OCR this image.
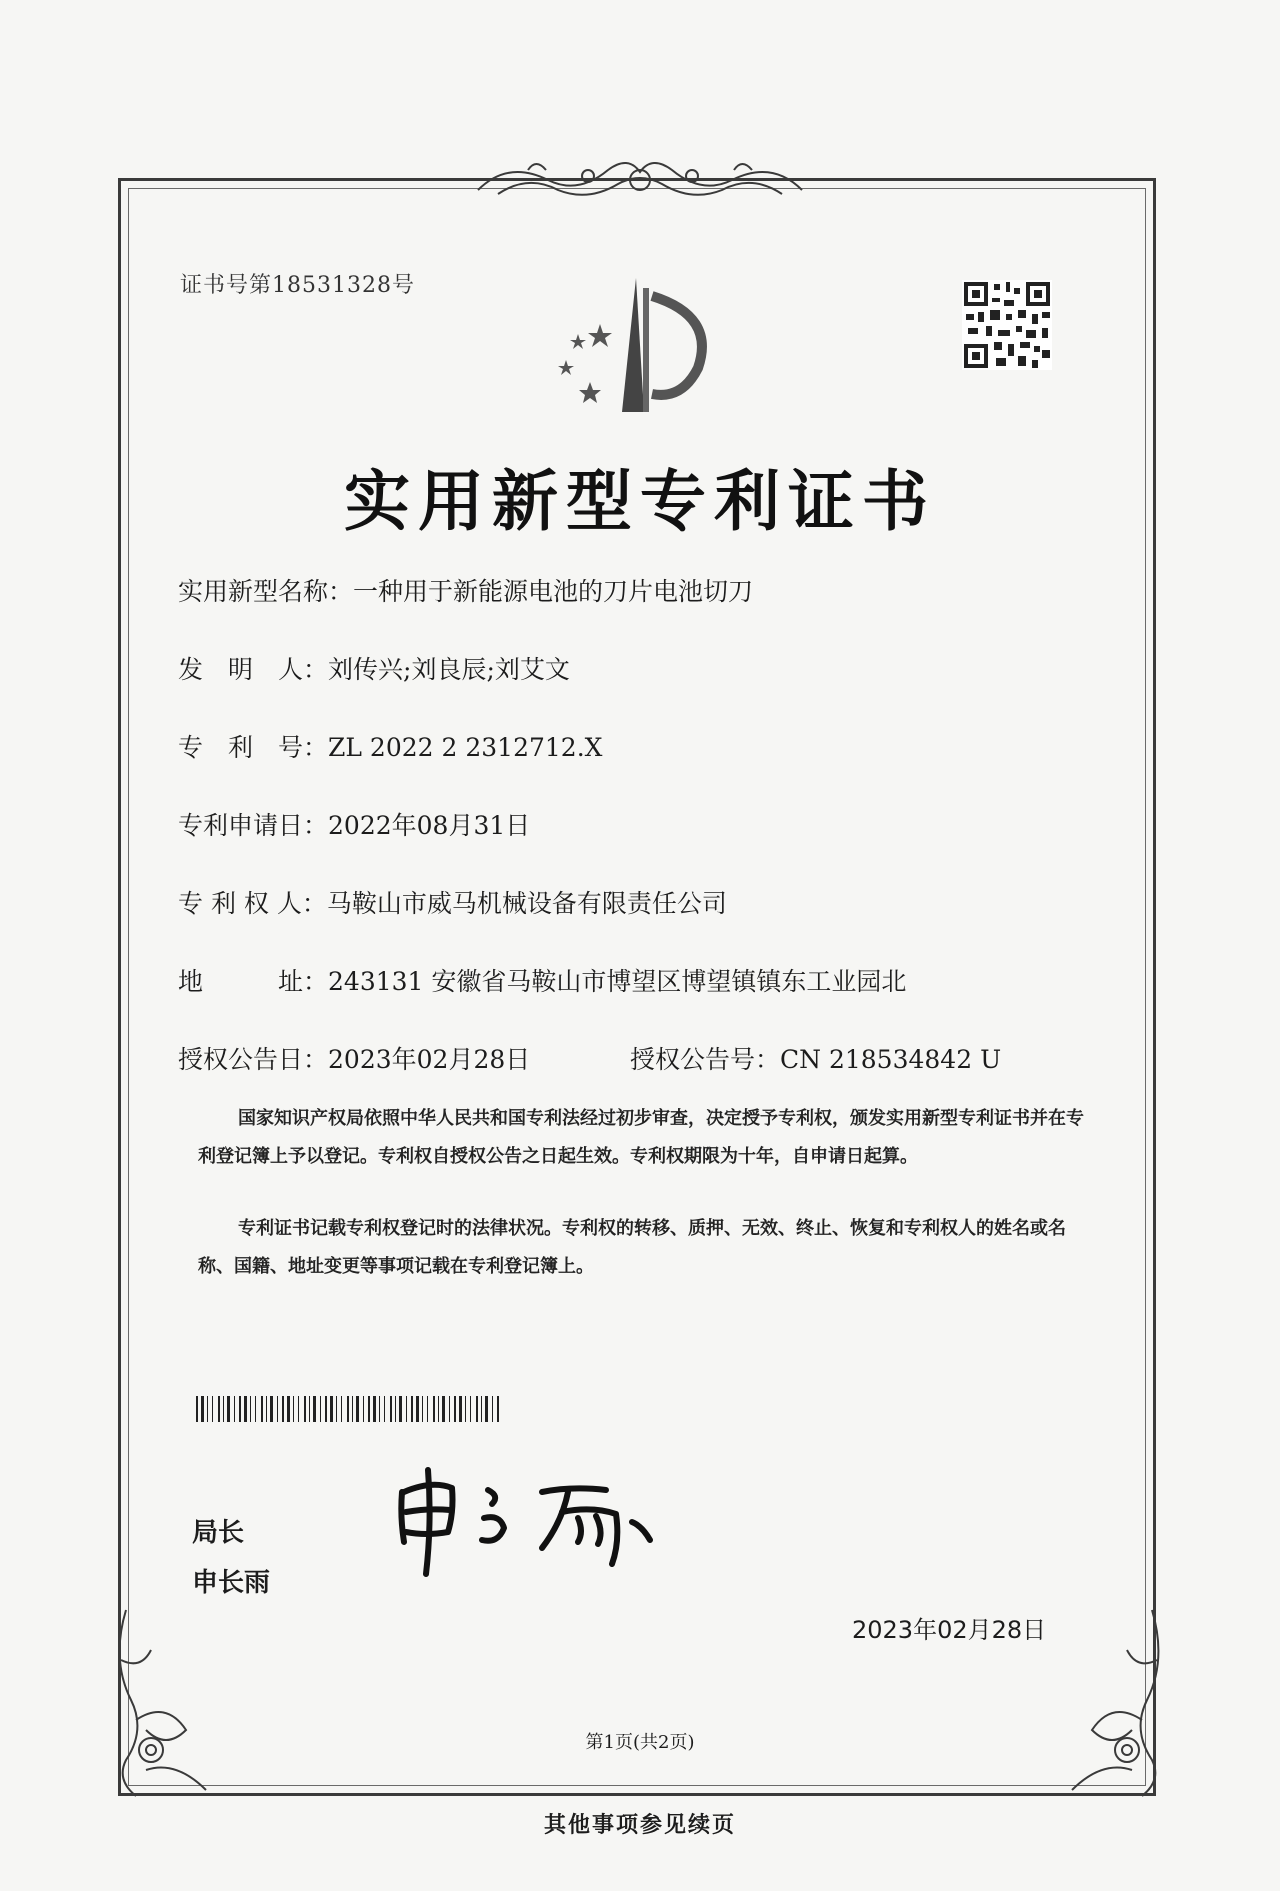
证书号第18531328号
实用新型专利证书
实用新型名称：一种用于新能源电池的刀片电池切刀
发　明　人：刘传兴;刘良辰;刘艾文
专　利　号：ZL 2022 2 2312712.X
专利申请日：2022年08月31日
专 利 权 人：马鞍山市威马机械设备有限责任公司
地　　　址：243131 安徽省马鞍山市博望区博望镇镇东工业园北
授权公告日：2023年02月28日	授权公告号：CN 218534842 U
国家知识产权局依照中华人民共和国专利法经过初步审查，决定授予专利权，颁发实用新型专利证书并在专利登记簿上予以登记。专利权自授权公告之日起生效。专利权期限为十年，自申请日起算。
专利证书记载专利权登记时的法律状况。专利权的转移、质押、无效、终止、恢复和专利权人的姓名或名称、国籍、地址变更等事项记载在专利登记簿上。
局长
申长雨
2023年02月28日
第1页(共2页)
其他事项参见续页
